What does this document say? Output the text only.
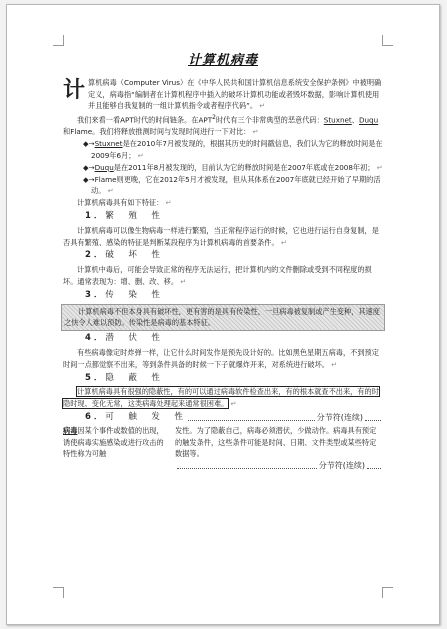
计算机病毒

计 算机病毒（Computer Virus）在《中华人民共和国计算机信息系统安全保护条例》中被明确定义，病毒指“编制者在计算机程序中插入的破坏计算机功能或者毁坏数据，影响计算机使用并且能够自我复制的一组计算机指令或者程序代码”。 ↵

我们来看一看APT时代的时间链条。在APT$^2$时代有三个非常典型的恶意代码：Stuxnet、Duqu和Flame。我们将释放推测时间与发现时间进行一下对比： ↵

◆→Stuxnet是在2010年7月被发现的，根据其历史的时间戳信息，我们认为它的释放时间是在2009年6月； ↵

◆→Duqu是在2011年8月被发现的，目前认为它的释放时间是在2007年底或在2008年初； ↵

◆→Flame则更晚，它在2012年5月才被发现，但从其体系在2007年底就已经开始了早期的活动。 ↵

计算机病毒具有如下特征： ↵

1．繁　殖　性

计算机病毒可以像生物病毒一样进行繁殖，当正常程序运行的时候，它也进行运行自身复制，是否具有繁殖、感染的特征是判断某段程序为计算机病毒的首要条件。 ↵

2．破　坏　性

计算机中毒后，可能会导致正常的程序无法运行，把计算机内的文件删除或受到不同程度的损坏。通常表现为：增、删、改、移。 ↵

3．传　染　性

计算机病毒不但本身具有破坏性，更有害的是具有传染性，一旦病毒被复制或产生变种，其速度之快令人难以预防。传染性是病毒的基本特征。

4．潜　伏　性

有些病毒像定时炸弹一样，让它什么时间发作是预先设计好的。比如黑色星期五病毒，不到预定时间一点都觉察不出来，等到条件具备的时候一下子就爆炸开来，对系统进行破坏。 ↵

5．隐　蔽　性

计算机病毒具有很强的隐蔽性，有的可以通过病毒软件检查出来，有的根本就查不出来，有的时隐时现、变化无常，这类病毒处理起来通常很困难。 ↵

6．可　触　发　性	分节符(连续)
病毒因某个事件或数值的出现，诱使病毒实施感染或进行攻击的特性称为可触
发性。为了隐蔽自己，病毒必须潜伏，少做动作。病毒具有预定的触发条件，这些条件可能是时间、日期、文件类型或某些特定数据等。
分节符(连续)
